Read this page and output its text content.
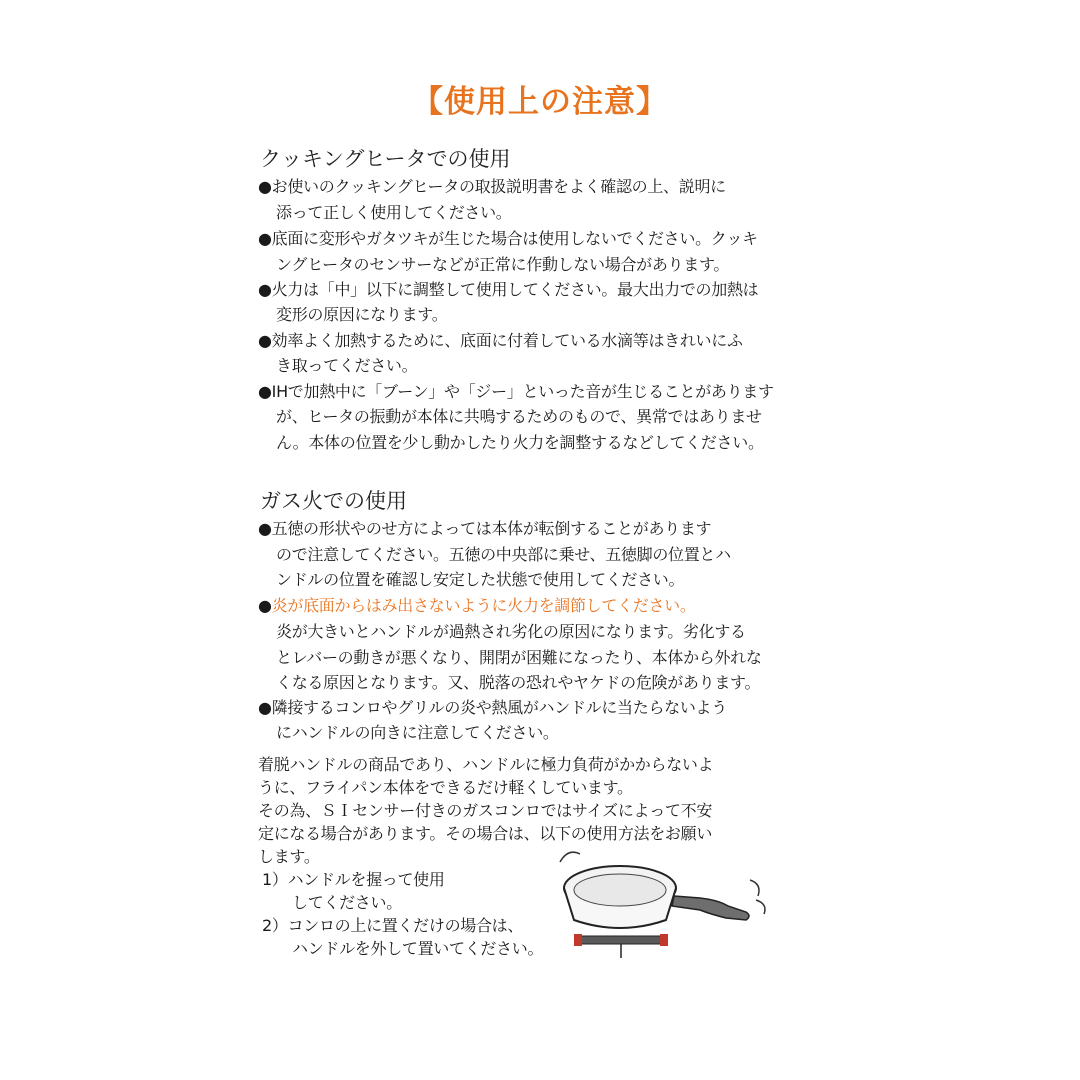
【使用上の注意】
クッキングヒータでの使用
●お使いのクッキングヒータの取扱説明書をよく確認の上、説明に
添って正しく使用してください。
●底面に変形やガタツキが生じた場合は使用しないでください。クッキ
ングヒータのセンサーなどが正常に作動しない場合があります。
●火力は「中」以下に調整して使用してください。最大出力での加熱は
変形の原因になります。
●効率よく加熱するために、底面に付着している水滴等はきれいにふ
き取ってください。
●IHで加熱中に「ブーン」や「ジー」といった音が生じることがあります
が、ヒータの振動が本体に共鳴するためのもので、異常ではありませ
ん。本体の位置を少し動かしたり火力を調整するなどしてください。
ガス火での使用
●五徳の形状やのせ方によっては本体が転倒することがあります
ので注意してください。五徳の中央部に乗せ、五徳脚の位置とハ
ンドルの位置を確認し安定した状態で使用してください。
●炎が底面からはみ出さないように火力を調節してください。
炎が大きいとハンドルが過熱され劣化の原因になります。劣化する
とレバーの動きが悪くなり、開閉が困難になったり、本体から外れな
くなる原因となります。又、脱落の恐れやヤケドの危険があります。
●隣接するコンロやグリルの炎や熱風がハンドルに当たらないよう
にハンドルの向きに注意してください。
着脱ハンドルの商品であり、ハンドルに極力負荷がかからないよ
うに、フライパン本体をできるだけ軽くしています。
その為、ＳＩセンサー付きのガスコンロではサイズによって不安
定になる場合があります。その場合は、以下の使用方法をお願い
します。
1）ハンドルを握って使用
してください。
2）コンロの上に置くだけの場合は、
ハンドルを外して置いてください。
